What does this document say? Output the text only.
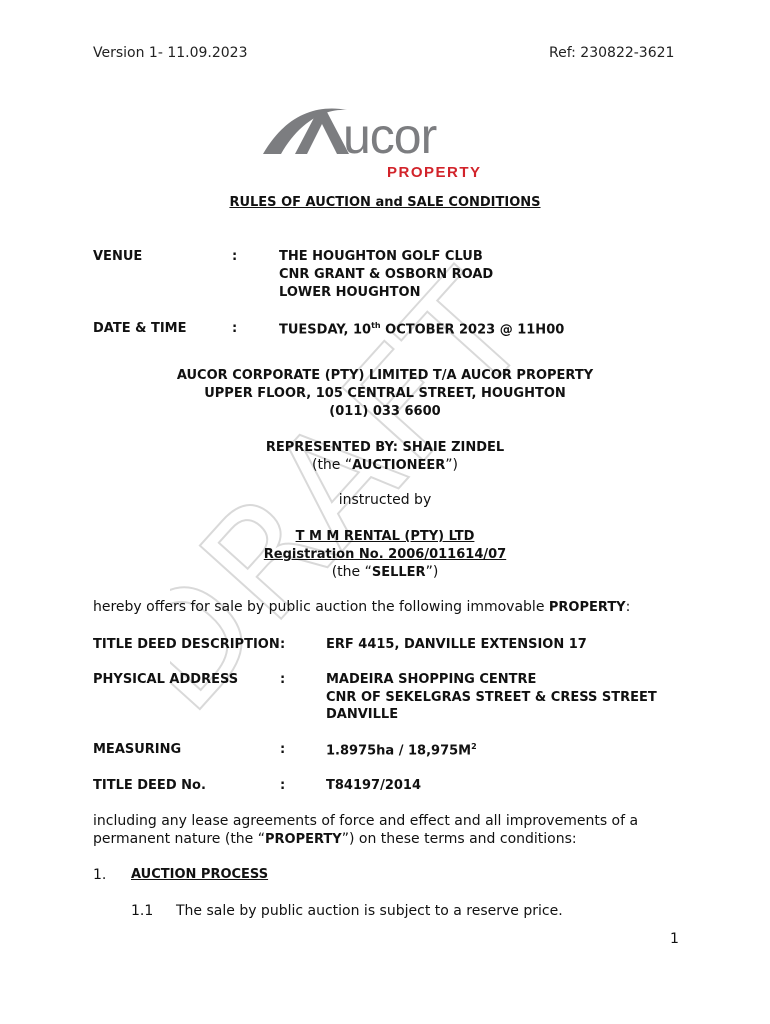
Version 1- 11.09.2023	Ref: 230822-3621
ucor
PROPERTY
DRAFT
RULES OF AUCTION and SALE CONDITIONS
VENUE	:	THE HOUGHTON GOLF CLUB
CNR GRANT & OSBORN ROAD
LOWER HOUGHTON
DATE & TIME	:	TUESDAY, 10th OCTOBER 2023 @ 11H00
AUCOR CORPORATE (PTY) LIMITED T/A AUCOR PROPERTY
UPPER FLOOR, 105 CENTRAL STREET, HOUGHTON
(011) 033 6600
REPRESENTED BY: SHAIE ZINDEL
(the “AUCTIONEER”)
instructed by
T M M RENTAL (PTY) LTD
Registration No. 2006/011614/07
(the “SELLER”)
hereby offers for sale by public auction the following immovable PROPERTY:
TITLE DEED DESCRIPTION :	ERF 4415, DANVILLE EXTENSION 17
PHYSICAL ADDRESS	:	MADEIRA SHOPPING CENTRE
CNR OF SEKELGRAS STREET & CRESS STREET
DANVILLE
MEASURING	:	$1.8975ha / 18,975M^2$
TITLE DEED No.	:	T84197/2014
including any lease agreements of force and effect and all improvements of a
permanent nature (the “PROPERTY”) on these terms and conditions:
1. AUCTION PROCESS
1.1 The sale by public auction is subject to a reserve price.
1
